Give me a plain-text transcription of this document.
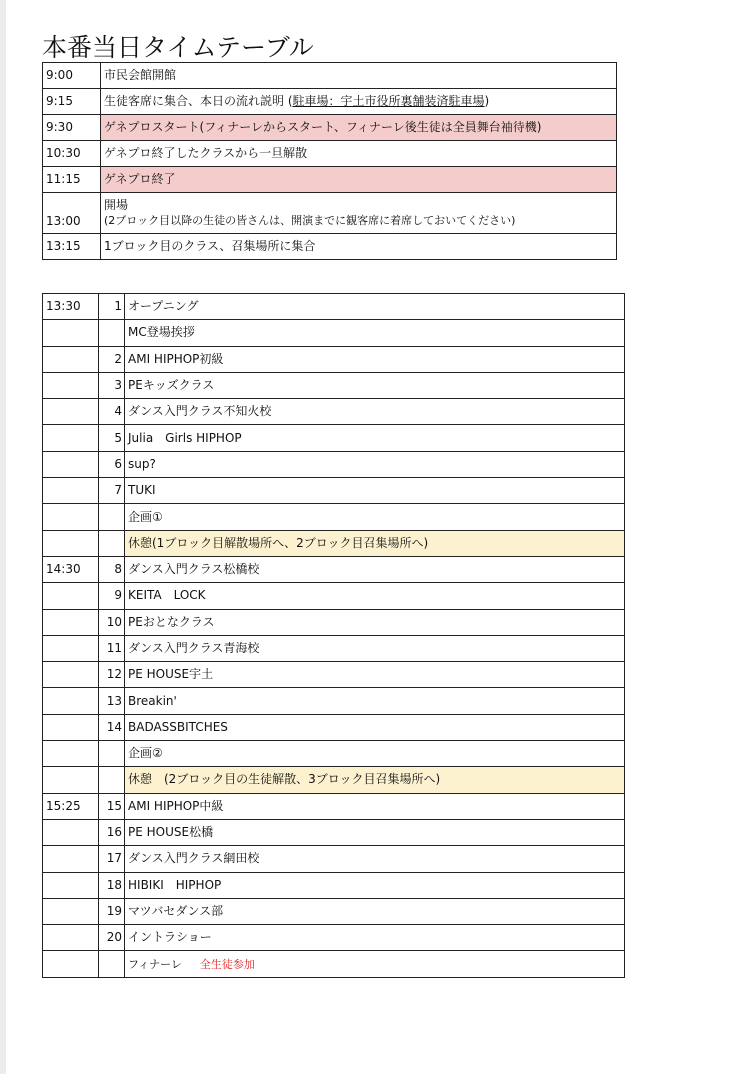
本番当日タイムテーブル
9:00	市民会館開館
9:15	生徒客席に集合、本日の流れ説明 (駐車場：宇土市役所裏舗装済駐車場)
9:30	ゲネプロスタート(フィナーレからスタート、フィナーレ後生徒は全員舞台袖待機)
10:30	ゲネプロ終了したクラスから一旦解散
11:15	ゲネプロ終了
13:00	開場
(2ブロック目以降の生徒の皆さんは、開演までに観客席に着席しておいてください)

13:15	1ブロック目のクラス、召集場所に集合
13:30	1	オープニング
		MC登場挨拶
	2	AMI HIPHOP初級
	3	PEキッズクラス
	4	ダンス入門クラス不知火校
	5	Julia　Girls HIPHOP
	6	sup?
	7	TUKI
		企画①
		休憩(1ブロック目解散場所へ、2ブロック目召集場所へ)
14:30	8	ダンス入門クラス松橋校
	9	KEITA　LOCK
	10	PEおとなクラス
	11	ダンス入門クラス青海校
	12	PE HOUSE宇土
	13	Breakin'
	14	BADASSBITCHES
		企画②
		休憩　(2ブロック目の生徒解散、3ブロック目召集場所へ)
15:25	15	AMI HIPHOP中級
	16	PE HOUSE松橋
	17	ダンス入門クラス網田校
	18	HIBIKI　HIPHOP
	19	マツバセダンス部
	20	イントラショー
		フィナーレ 全生徒参加
